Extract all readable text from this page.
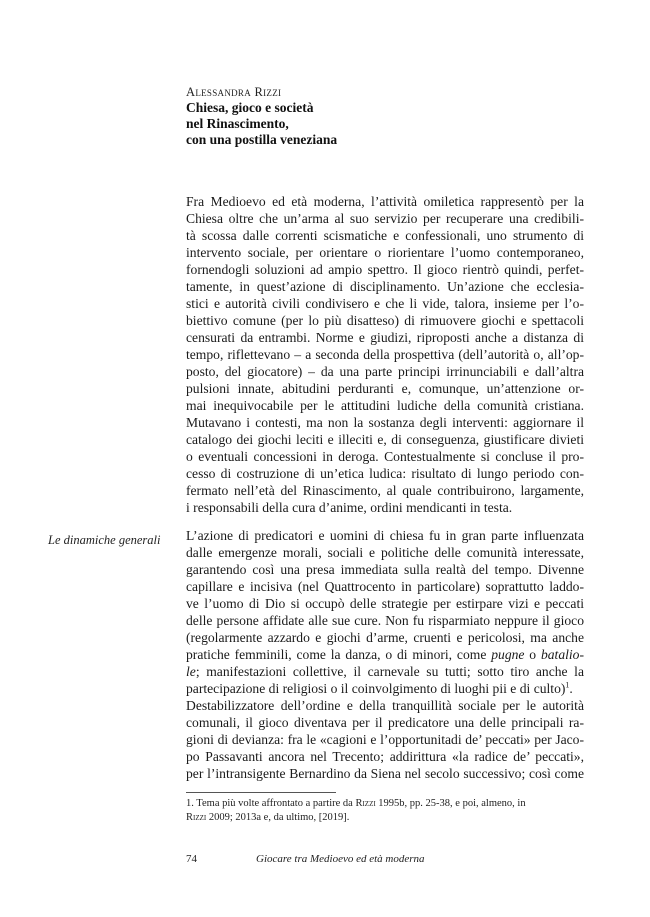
Alessandra Rizzi
Chiesa, gioco e società
nel Rinascimento,
con una postilla veneziana
Fra Medioevo ed età moderna, l’attività omiletica rappresentò per la
Chiesa oltre che un’arma al suo servizio per recuperare una credibili-
tà scossa dalle correnti scismatiche e confessionali, uno strumento di
intervento sociale, per orientare o riorientare l’uomo contemporaneo,
fornendogli soluzioni ad ampio spettro. Il gioco rientrò quindi, perfet-
tamente, in quest’azione di disciplinamento. Un’azione che ecclesia-
stici e autorità civili condivisero e che li vide, talora, insieme per l’o-
biettivo comune (per lo più disatteso) di rimuovere giochi e spettacoli
censurati da entrambi. Norme e giudizi, riproposti anche a distanza di
tempo, riflettevano – a seconda della prospettiva (dell’autorità o, all’op-
posto, del giocatore) – da una parte principi irrinunciabili e dall’altra
pulsioni innate, abitudini perduranti e, comunque, un’attenzione or-
mai inequivocabile per le attitudini ludiche della comunità cristiana.
Mutavano i contesti, ma non la sostanza degli interventi: aggiornare il
catalogo dei giochi leciti e illeciti e, di conseguenza, giustificare divieti
o eventuali concessioni in deroga. Contestualmente si concluse il pro-
cesso di costruzione di un’etica ludica: risultato di lungo periodo con-
fermato nell’età del Rinascimento, al quale contribuirono, largamente,
i responsabili della cura d’anime, ordini mendicanti in testa.
Le dinamiche generali	L’azione di predicatori e uomini di chiesa fu in gran parte influenzata
dalle emergenze morali, sociali e politiche delle comunità interessate,
garantendo così una presa immediata sulla realtà del tempo. Divenne
capillare e incisiva (nel Quattrocento in particolare) soprattutto laddo-
ve l’uomo di Dio si occupò delle strategie per estirpare vizi e peccati
delle persone affidate alle sue cure. Non fu risparmiato neppure il gioco
(regolarmente azzardo e giochi d’arme, cruenti e pericolosi, ma anche
pratiche femminili, come la danza, o di minori, come pugne o batalio-
le; manifestazioni collettive, il carnevale su tutti; sotto tiro anche la
partecipazione di religiosi o il coinvolgimento di luoghi pii e di culto)$^1$.
Destabilizzatore dell’ordine e della tranquillità sociale per le autorità
comunali, il gioco diventava per il predicatore una delle principali ra-
gioni di devianza: fra le «cagioni e l’opportunitadi de’ peccati» per Jaco-
po Passavanti ancora nel Trecento; addirittura «la radice de’ peccati»,
per l’intransigente Bernardino da Siena nel secolo successivo; così come
1. Tema più volte affrontato a partire da Rizzi 1995b, pp. 25-38, e poi, almeno, in
Rizzi 2009; 2013a e, da ultimo, [2019].
74	Giocare tra Medioevo ed età moderna
